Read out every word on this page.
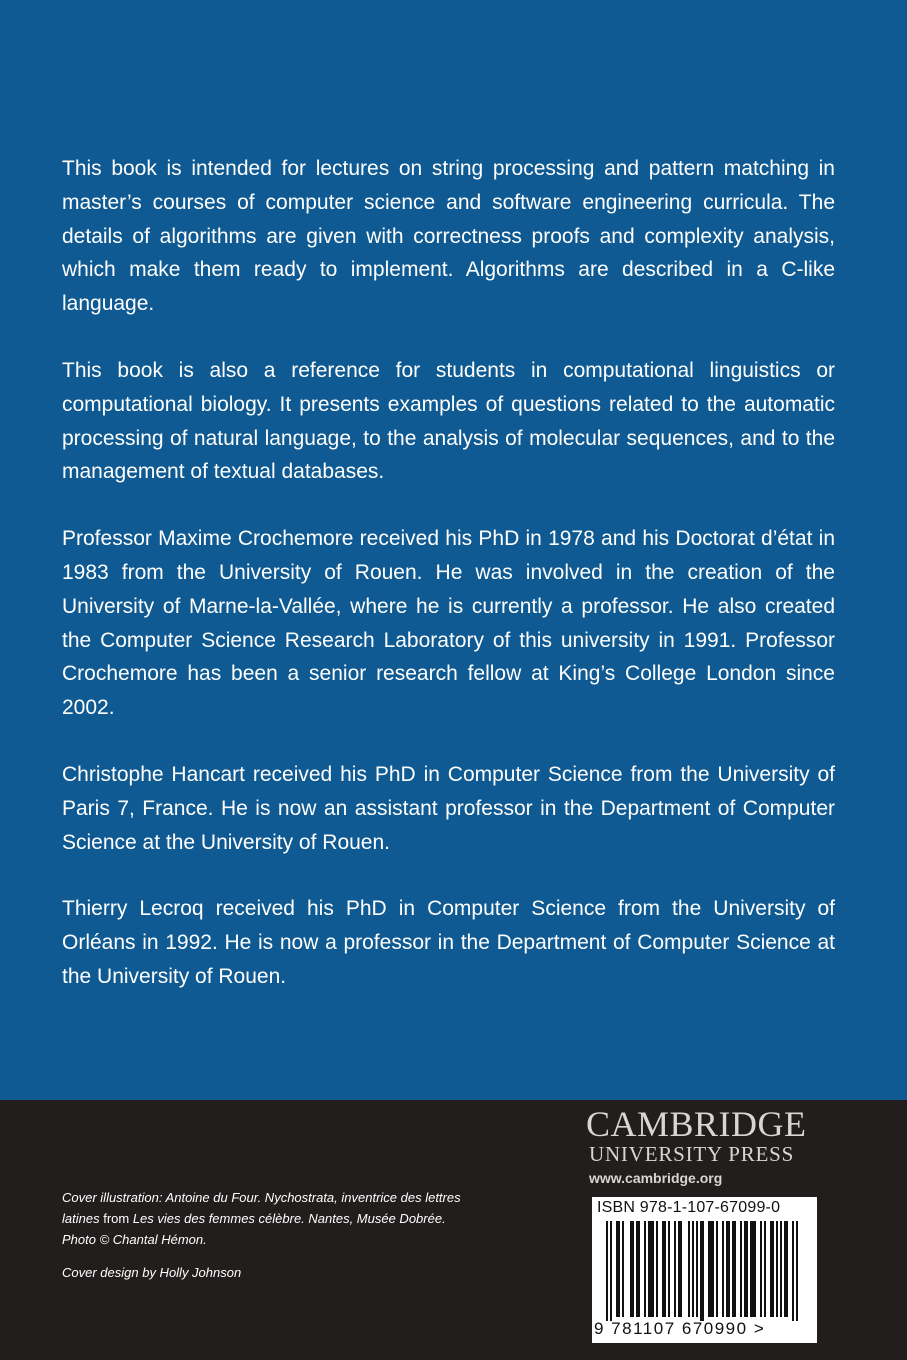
This book is intended for lectures on string processing and pattern matching in master’s courses of computer science and software engineering curricula. The details of algorithms are given with correctness proofs and complexity analysis, which make them ready to implement. Algorithms are described in a C-like language.

This book is also a reference for students in computational linguistics or computational biology. It presents examples of questions related to the automatic processing of natural language, to the analysis of molecular sequences, and to the management of textual databases.

Professor Maxime Crochemore received his PhD in 1978 and his Doctorat d’état in 1983 from the University of Rouen. He was involved in the creation of the University of Marne-la-Vallée, where he is currently a professor. He also created the Computer Science Research Laboratory of this university in 1991. Professor Crochemore has been a senior research fellow at King’s College London since 2002.

Christophe Hancart received his PhD in Computer Science from the University of Paris 7, France. He is now an assistant professor in the Department of Computer Science at the University of Rouen.

Thierry Lecroq received his PhD in Computer Science from the University of Orléans in 1992. He is now a professor in the Department of Computer Science at the University of Rouen.

CAMBRIDGE
UNIVERSITY PRESS
www.cambridge.org

Cover illustration: Antoine du Four. Nychostrata, inventrice des lettres latines from Les vies des femmes célèbre. Nantes, Musée Dobrée. Photo © Chantal Hémon.

Cover design by Holly Johnson

ISBN 978-1-107-67099-0
9 781107 670990 >
